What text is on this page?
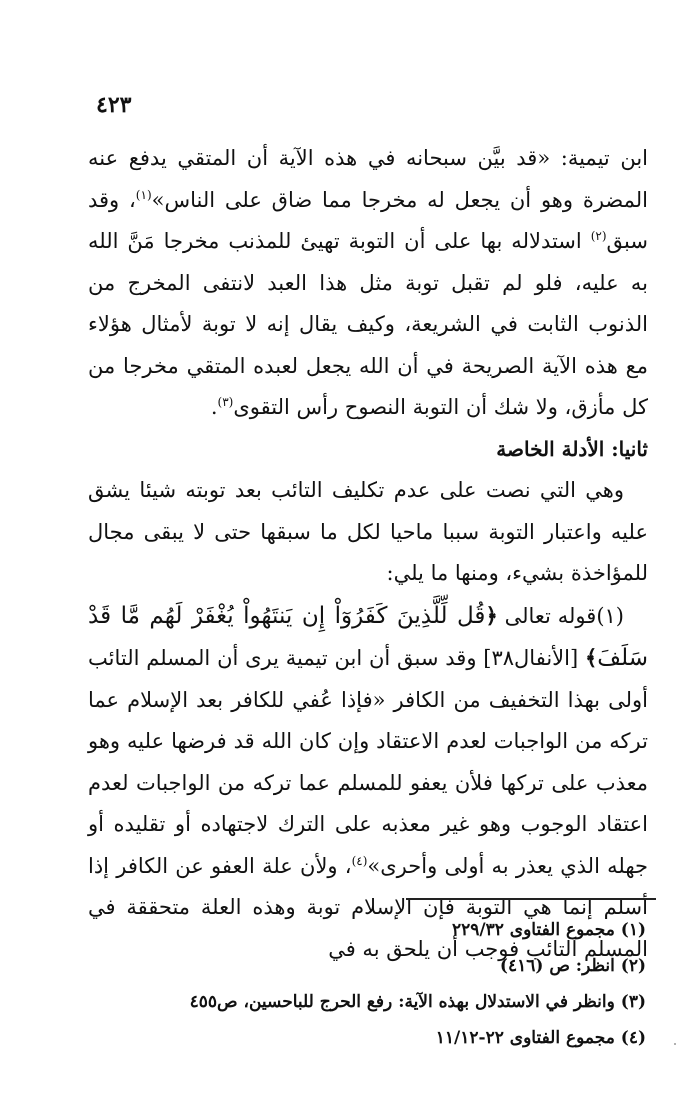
٤٢٣

ابن تيمية: «قد بيَّن سبحانه في هذه الآية أن المتقي يدفع عنه المضرة وهو أن يجعل له مخرجا مما ضاق على الناس»$^{(١)}$، وقد سبق$^{(٢)}$ استدلاله بها على أن التوبة تهيئ للمذنب مخرجا مَنَّ الله به عليه، فلو لم تقبل توبة مثل هذا العبد لانتفى المخرج من الذنوب الثابت في الشريعة، وكيف يقال إنه لا توبة لأمثال هؤلاء مع هذه الآية الصريحة في أن الله يجعل لعبده المتقي مخرجا من كل مأزق، ولا شك أن التوبة النصوح رأس التقوى$^{(٣)}$.

ثانيا: الأدلة الخاصة

وهي التي نصت على عدم تكليف التائب بعد توبته شيئا يشق عليه واعتبار التوبة سببا ماحيا لكل ما سبقها حتى لا يبقى مجال للمؤاخذة بشيء، ومنها ما يلي:

(١)قوله تعالى ﴿قُل لِّلَّذِينَ كَفَرُوٓاْ إِن يَنتَهُواْ يُغْفَرْ لَهُم مَّا قَدْ سَلَفَ﴾ [الأنفال٣٨] وقد سبق أن ابن تيمية يرى أن المسلم التائب أولى بهذا التخفيف من الكافر «فإذا عُفي للكافر بعد الإسلام عما تركه من الواجبات لعدم الاعتقاد وإن كان الله قد فرضها عليه وهو معذب على تركها فلأن يعفو للمسلم عما تركه من الواجبات لعدم اعتقاد الوجوب وهو غير معذبه على الترك لاجتهاده أو تقليده أو جهله الذي يعذر به أولى وأحرى»$^{(٤)}$، ولأن علة العفو عن الكافر إذا أسلم إنما هي التوبة فإن الإسلام توبة وهذه العلة متحققة في المسلم التائب فوجب أن يلحق به في

(١) مجموع الفتاوى ٢٢٩/٣٢
(٢) انظر: ص (٤١٦)
(٣) وانظر في الاستدلال بهذه الآية: رفع الحرج للباحسين، ص٤٥٥
(٤) مجموع الفتاوى ٢٢-١١/١٢
